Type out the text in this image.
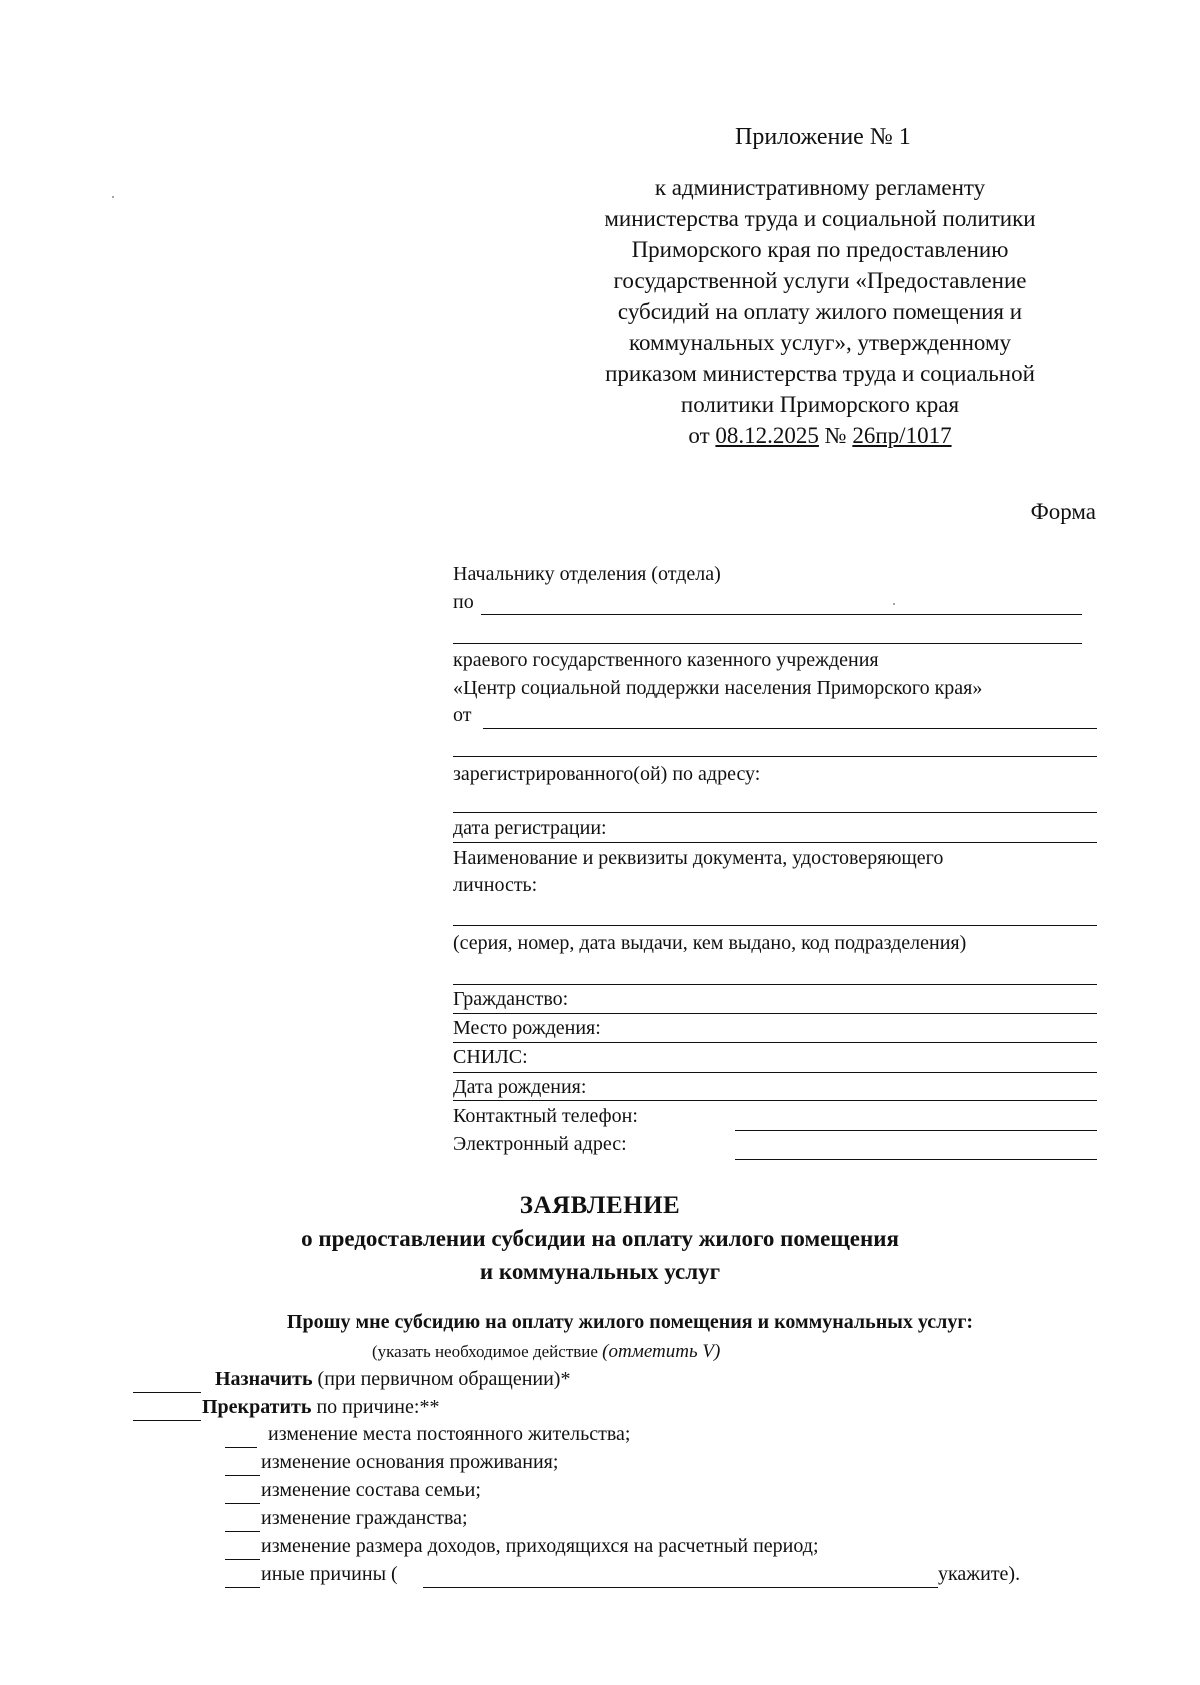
Приложение № 1
к административному регламенту
министерства труда и социальной политики
Приморского края по предоставлению
государственной услуги «Предоставление
субсидий на оплату жилого помещения и
коммунальных услуг», утвержденному
приказом министерства труда и социальной
политики Приморского края
от 08.12.2025 № 26пр/1017
Форма
Начальнику отделения (отдела)
по
краевого государственного казенного учреждения
«Центр социальной поддержки населения Приморского края»
от
зарегистрированного(ой) по адресу:
дата регистрации:
Наименование и реквизиты документа, удостоверяющего
личность:
(серия, номер, дата выдачи, кем выдано, код подразделения)
Гражданство:
Место рождения:
СНИЛС:
Дата рождения:
Контактный телефон:
Электронный адрес:
ЗАЯВЛЕНИЕ
о предоставлении субсидии на оплату жилого помещения
и коммунальных услуг
Прошу мне субсидию на оплату жилого помещения и коммунальных услуг:
(указать необходимое действие (отметить V)
Назначить (при первичном обращении)*
Прекратить по причине:**
изменение места постоянного жительства;
изменение основания проживания;
изменение состава семьи;
изменение гражданства;
изменение размера доходов, приходящихся на расчетный период;
иные причины (	укажите).
